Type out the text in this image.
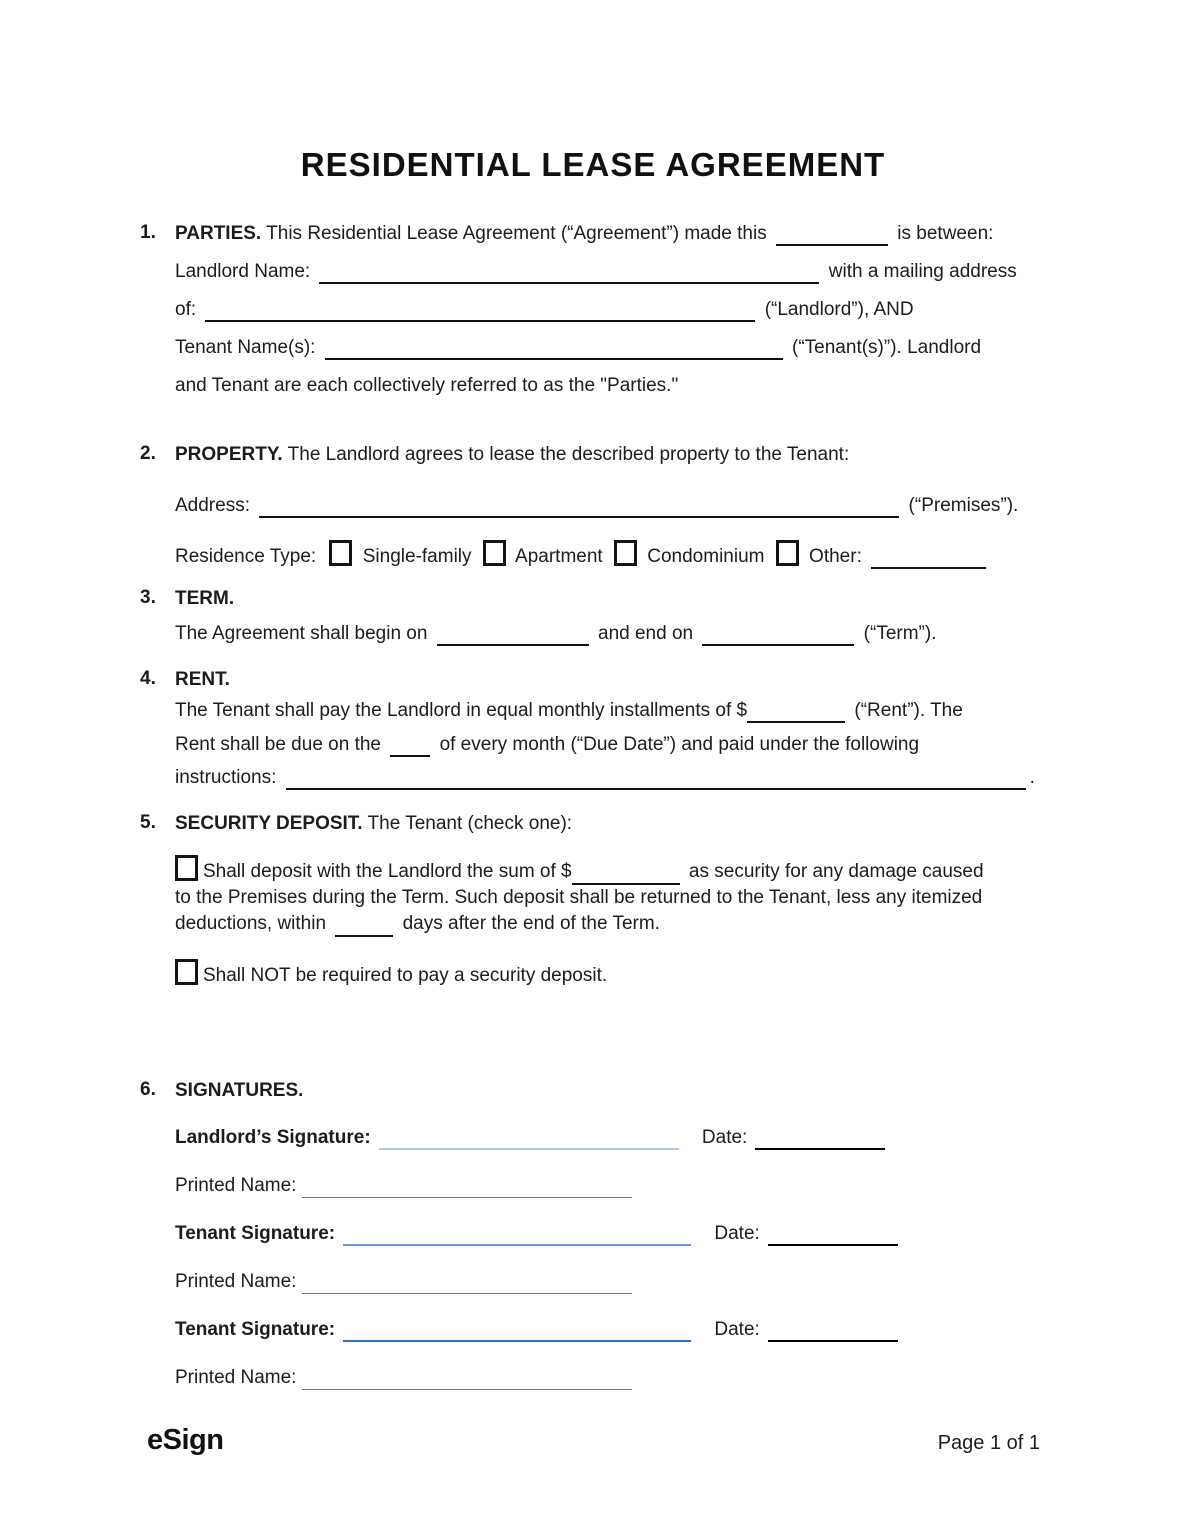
RESIDENTIAL LEASE AGREEMENT
1. PARTIES. This Residential Lease Agreement (“Agreement”) made this	is between:
Landlord Name:	with a mailing address
of:	(“Landlord”), AND
Tenant Name(s):	(“Tenant(s)”). Landlord
and Tenant are each collectively referred to as the "Parties."
2. PROPERTY. The Landlord agrees to lease the described property to the Tenant:
Address:	(“Premises”).
Residence Type: Single-family Apartment Condominium Other:
3. TERM.
The Agreement shall begin on	and end on	(“Term”).
4. RENT.
The Tenant shall pay the Landlord in equal monthly installments of $	(“Rent”). The
Rent shall be due on the	of every month (“Due Date”) and paid under the following
instructions:	.
5. SECURITY DEPOSIT. The Tenant (check one):
Shall deposit with the Landlord the sum of $	as security for any damage caused
to the Premises during the Term. Such deposit shall be returned to the Tenant, less any itemized
deductions, within	days after the end of the Term.
Shall NOT be required to pay a security deposit.
6. SIGNATURES.
Landlord’s Signature:	Date:
Printed Name:
Tenant Signature:	Date:
Printed Name:
Tenant Signature:	Date:
Printed Name:
eSign	Page 1 of 1
